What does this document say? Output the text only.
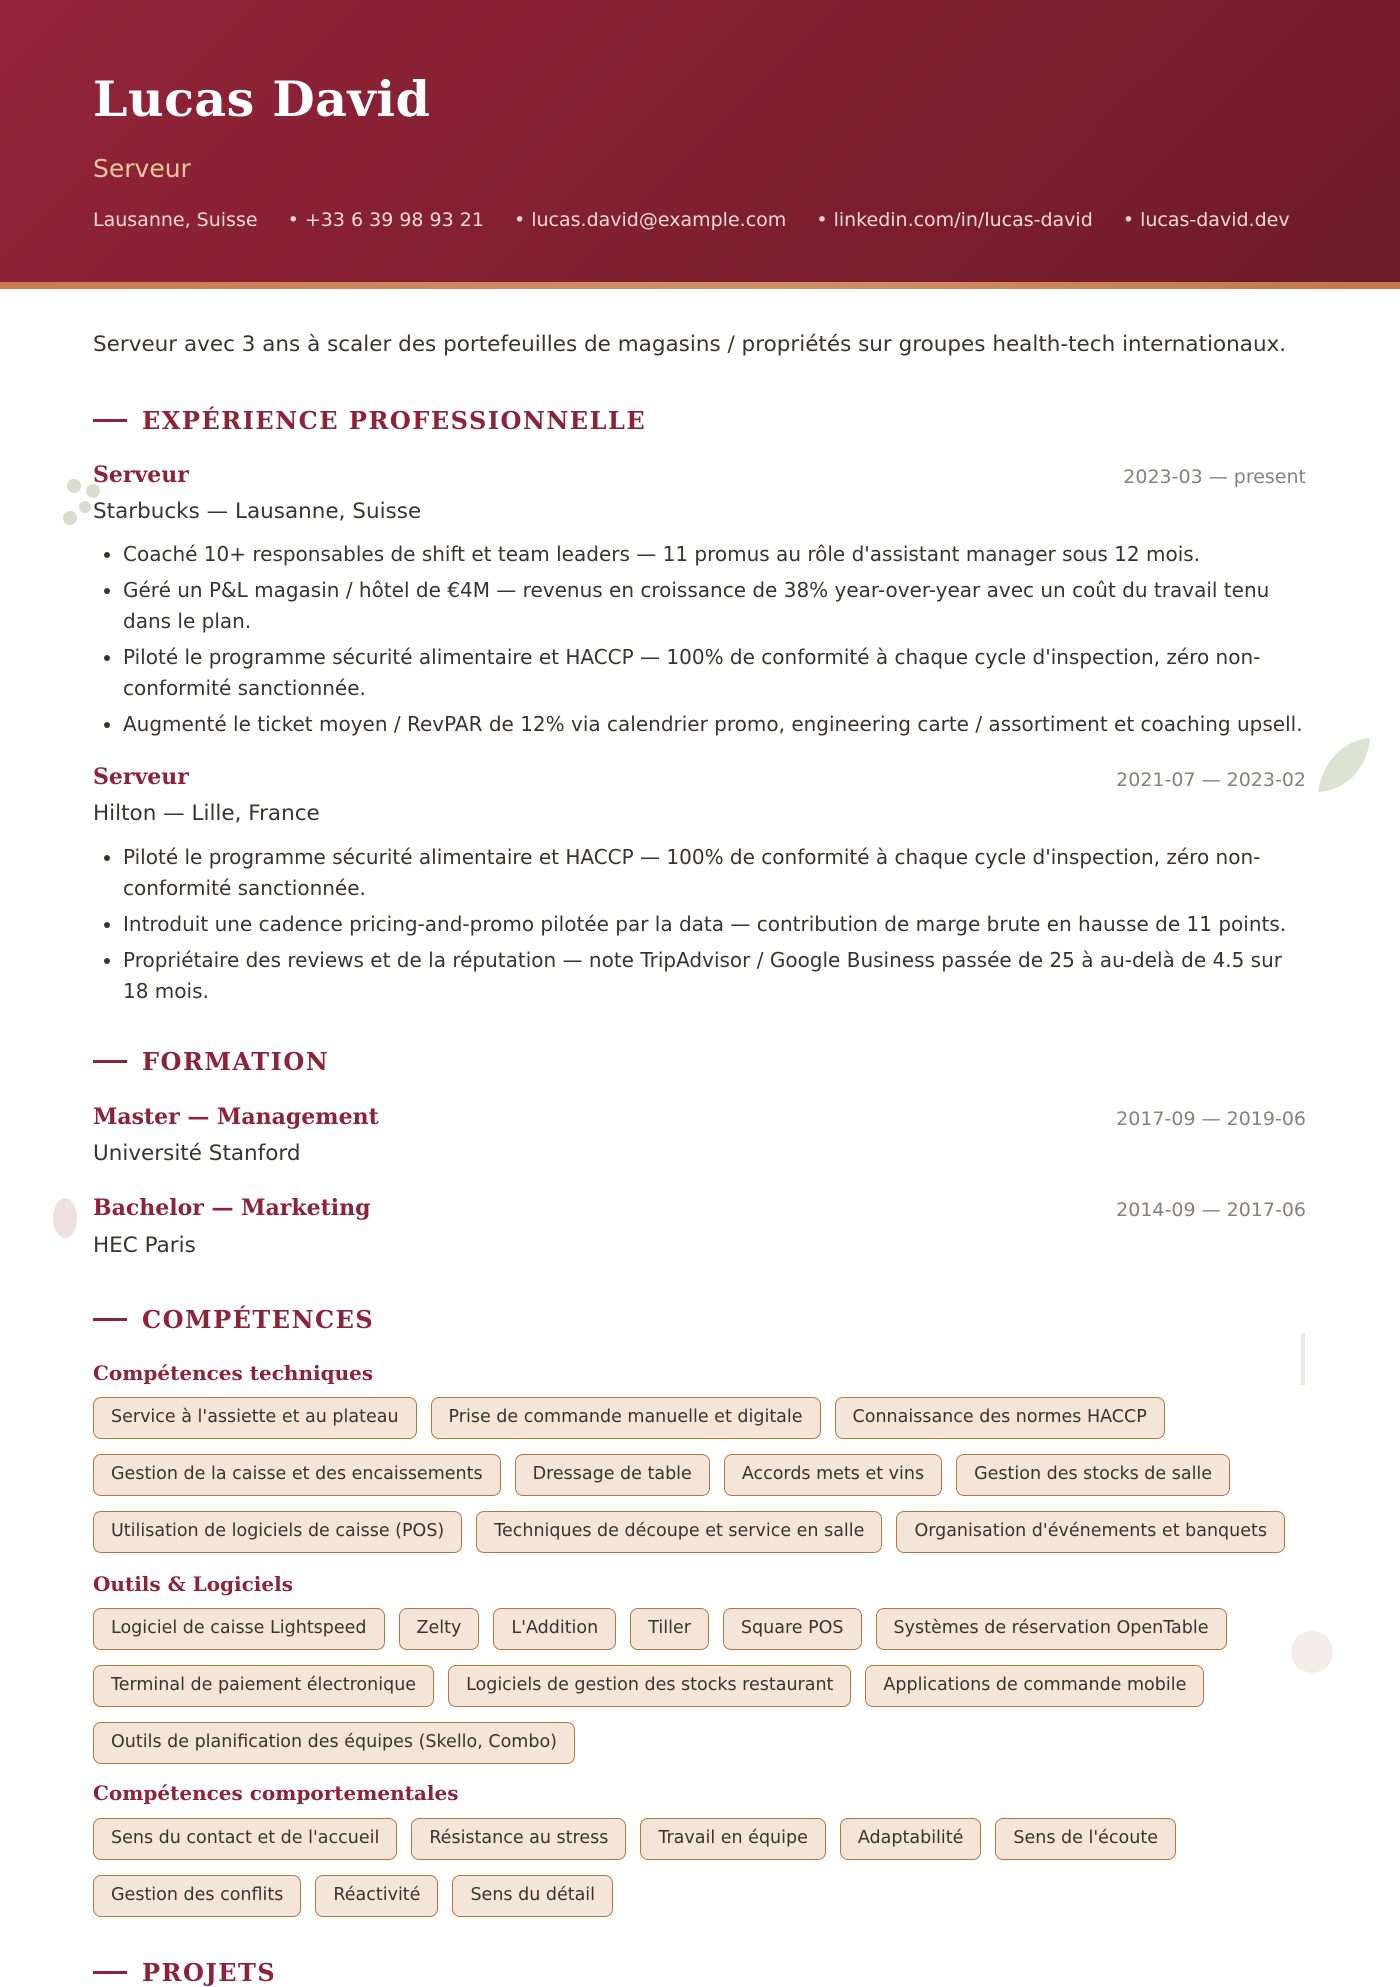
Lucas David
Serveur
Lausanne, Suisse • +33 6 39 98 93 21 • lucas.david@example.com • linkedin.com/in/lucas-david • lucas-david.dev
Serveur avec 3 ans à scaler des portefeuilles de magasins / propriétés sur groupes health-tech internationaux.
EXPÉRIENCE PROFESSIONNELLE
Serveur	2023-03 — present
Starbucks — Lausanne, Suisse
• Coaché 10+ responsables de shift et team leaders — 11 promus au rôle d'assistant manager sous 12 mois.
• Géré un P&L magasin / hôtel de €4M — revenus en croissance de 38% year-over-year avec un coût du travail tenu dans le plan.
• Piloté le programme sécurité alimentaire et HACCP — 100% de conformité à chaque cycle d'inspection, zéro non-conformité sanctionnée.
• Augmenté le ticket moyen / RevPAR de 12% via calendrier promo, engineering carte / assortiment et coaching upsell.
Serveur	2021-07 — 2023-02
Hilton — Lille, France
• Piloté le programme sécurité alimentaire et HACCP — 100% de conformité à chaque cycle d'inspection, zéro non-conformité sanctionnée.
• Introduit une cadence pricing-and-promo pilotée par la data — contribution de marge brute en hausse de 11 points.
• Propriétaire des reviews et de la réputation — note TripAdvisor / Google Business passée de 25 à au-delà de 4.5 sur 18 mois.
FORMATION
Master — Management	2017-09 — 2019-06
Université Stanford
Bachelor — Marketing	2014-09 — 2017-06
HEC Paris
COMPÉTENCES
Compétences techniques
Service à l'assiette et au plateau	Prise de commande manuelle et digitale	Connaissance des normes HACCP
Gestion de la caisse et des encaissements	Dressage de table	Accords mets et vins	Gestion des stocks de salle
Utilisation de logiciels de caisse (POS)	Techniques de découpe et service en salle	Organisation d'événements et banquets
Outils & Logiciels
Logiciel de caisse Lightspeed	Zelty	L'Addition	Tiller	Square POS	Systèmes de réservation OpenTable
Terminal de paiement électronique	Logiciels de gestion des stocks restaurant	Applications de commande mobile
Outils de planification des équipes (Skello, Combo)
Compétences comportementales
Sens du contact et de l'accueil	Résistance au stress	Travail en équipe	Adaptabilité	Sens de l'écoute
Gestion des conflits	Réactivité	Sens du détail
PROJETS
